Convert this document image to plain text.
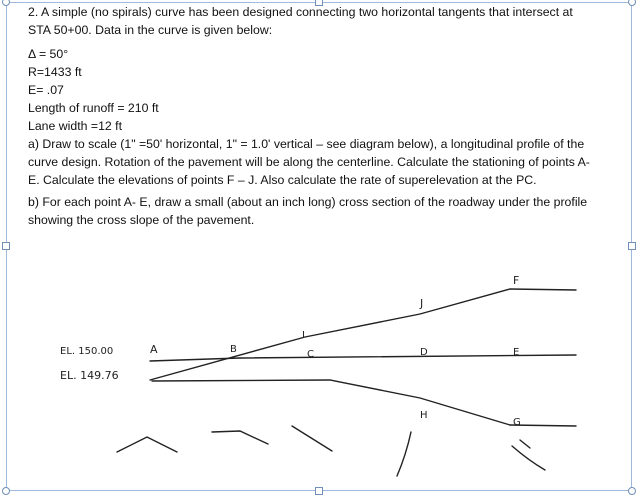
2. A simple (no spirals) curve has been designed connecting two horizontal tangents that intersect at

STA 50+00. Data in the curve is given below:

Δ = 50°

R=1433 ft

E= .07

Length of runoff = 210 ft

Lane width =12 ft

a) Draw to scale (1" =50' horizontal, 1" = 1.0' vertical – see diagram below), a longitudinal profile of the

curve design. Rotation of the pavement will be along the centerline. Calculate the stationing of points A-

E. Calculate the elevations of points F – J. Also calculate the rate of superelevation at the PC.

b) For each point A- E, draw a small (about an inch long) cross section of the roadway under the profile

showing the cross slope of the pavement.

EL. 150.00
EL. 149.76
A	B
I
C
J
D
F
E
H
G
